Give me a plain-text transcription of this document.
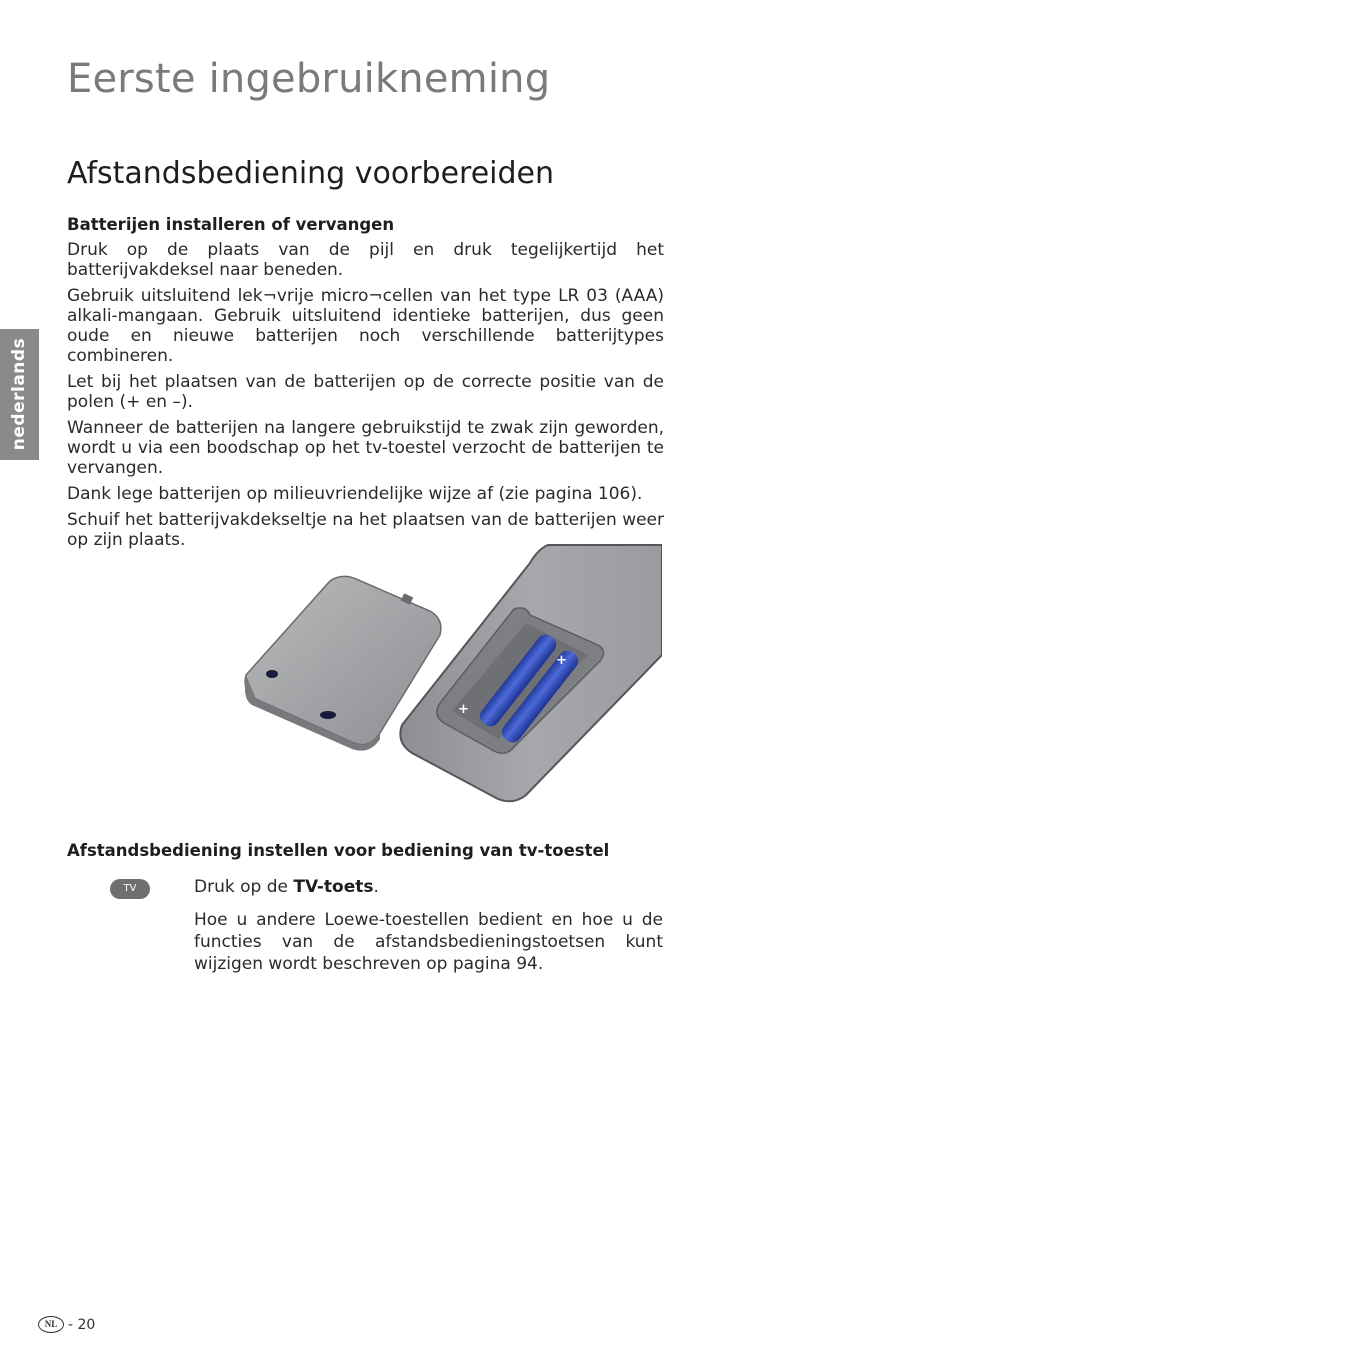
Eerste ingebruikneming
nederlands
Afstandsbediening voorbereiden
Batterijen installeren of vervangen

Druk op de plaats van de pijl en druk tegelijkertijd het batterijvakdeksel naar beneden.

Gebruik uitsluitend lek¬vrije micro¬cellen van het type LR 03 (AAA) alkali-mangaan. Gebruik uitsluitend identieke batterijen, dus geen oude en nieuwe batterijen noch verschillende batterijtypes combineren.

Let bij het plaatsen van de batterijen op de correcte positie van de polen (+ en –).

Wanneer de batterijen na langere gebruikstijd te zwak zijn geworden, wordt u via een boodschap op het tv-toestel verzocht de batterijen te vervangen.

Dank lege batterijen op milieuvriendelijke wijze af (zie pagina 106).

Schuif het batterijvakdekseltje na het plaatsen van de batterijen weer op zijn plaats.

+
+
Afstandsbediening instellen voor bediening van tv-toestel
TV	Druk op de TV-toets.

Hoe u andere Loewe-toestellen bedient en hoe u de functies van de afstandsbedieningstoetsen kunt wijzigen wordt beschreven op pagina 94.

NL - 20
